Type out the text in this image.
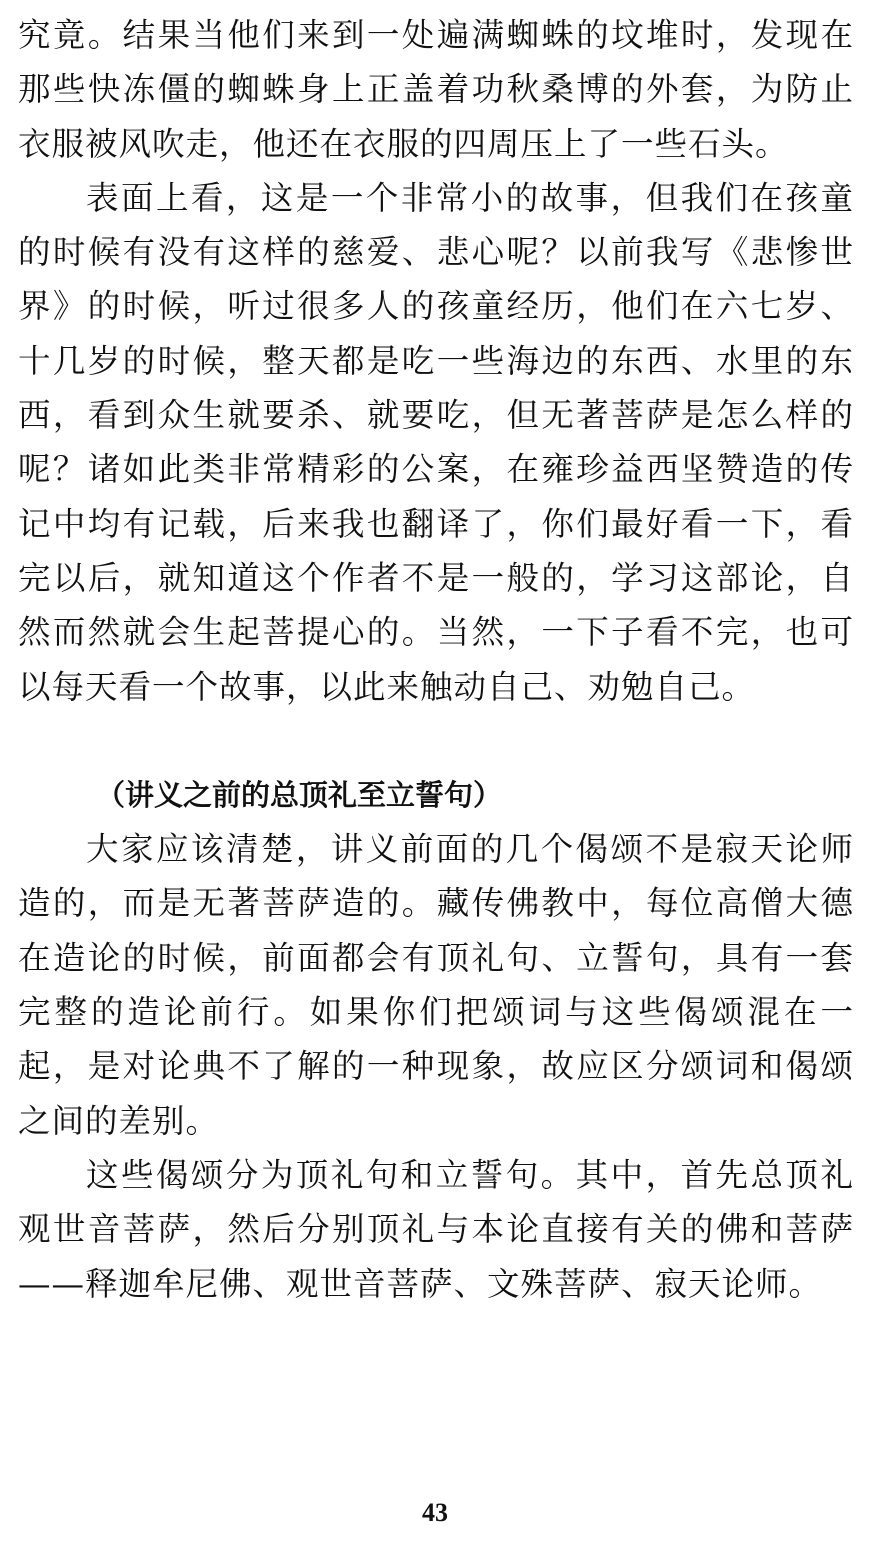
究竟。结果当他们来到一处遍满蜘蛛的坟堆时，发现在那些快冻僵的蜘蛛身上正盖着功秋桑博的外套，为防止衣服被风吹走，他还在衣服的四周压上了一些石头。

表面上看，这是一个非常小的故事，但我们在孩童的时候有没有这样的慈爱、悲心呢？以前我写《悲惨世界》的时候，听过很多人的孩童经历，他们在六七岁、十几岁的时候，整天都是吃一些海边的东西、水里的东西，看到众生就要杀、就要吃，但无著菩萨是怎么样的呢？诸如此类非常精彩的公案，在雍珍益西坚赞造的传记中均有记载，后来我也翻译了，你们最好看一下，看完以后，就知道这个作者不是一般的，学习这部论，自然而然就会生起菩提心的。当然，一下子看不完，也可以每天看一个故事，以此来触动自己、劝勉自己。

（讲义之前的总顶礼至立誓句）

大家应该清楚，讲义前面的几个偈颂不是寂天论师造的，而是无著菩萨造的。藏传佛教中，每位高僧大德在造论的时候，前面都会有顶礼句、立誓句，具有一套完整的造论前行。如果你们把颂词与这些偈颂混在一起，是对论典不了解的一种现象，故应区分颂词和偈颂之间的差别。

这些偈颂分为顶礼句和立誓句。其中，首先总顶礼观世音菩萨，然后分别顶礼与本论直接有关的佛和菩萨——释迦牟尼佛、观世音菩萨、文殊菩萨、寂天论师。

43
